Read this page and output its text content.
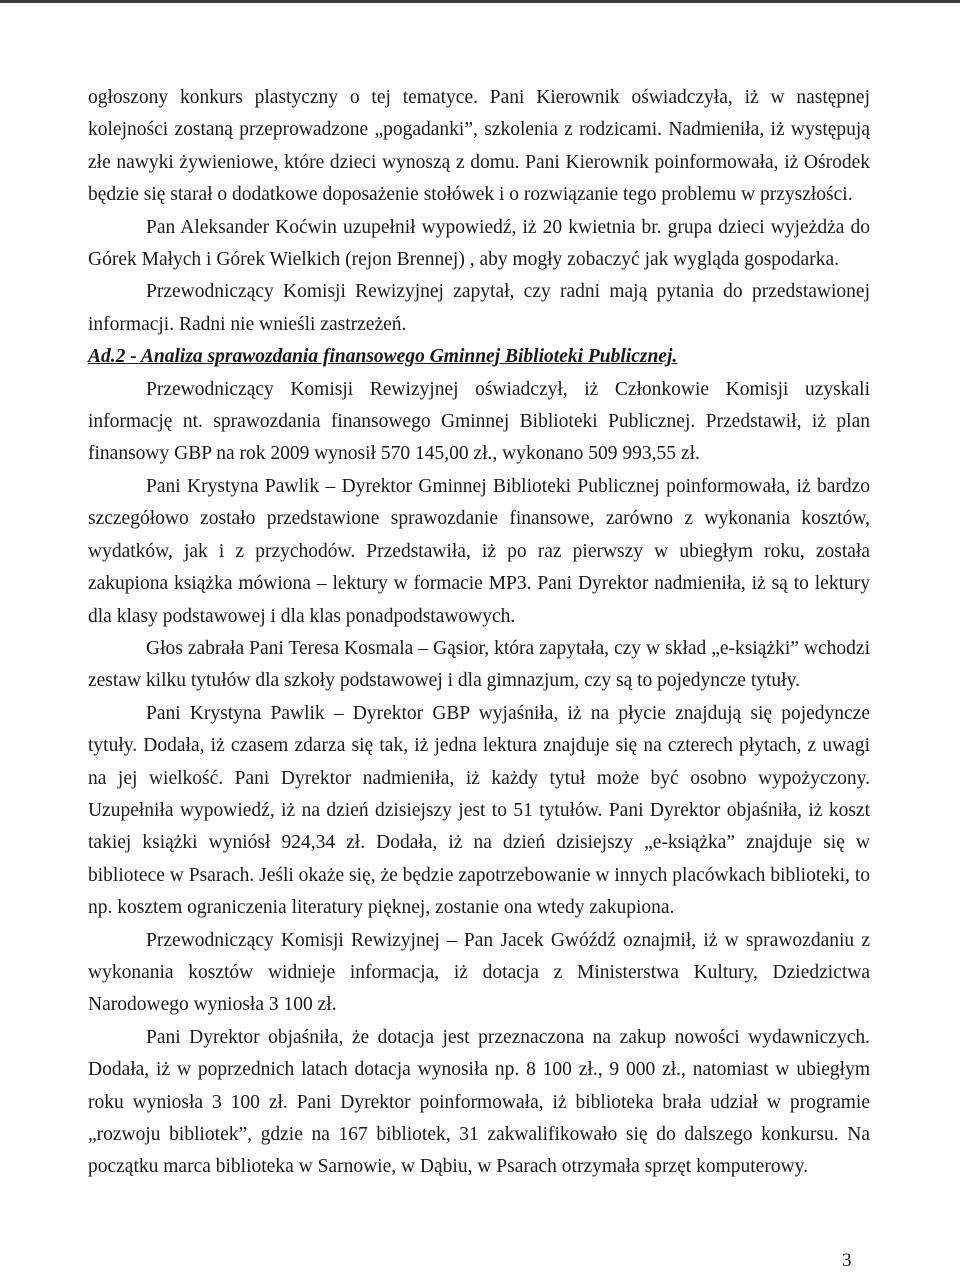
ogłoszony konkurs plastyczny o tej tematyce. Pani Kierownik oświadczyła, iż w następnej kolejności zostaną przeprowadzone „pogadanki”, szkolenia z rodzicami. Nadmieniła, iż występują złe nawyki żywieniowe, które dzieci wynoszą z domu. Pani Kierownik poinformowała, iż Ośrodek będzie się starał o dodatkowe doposażenie stołówek i o rozwiązanie tego problemu w przyszłości.

Pan Aleksander Koćwin uzupełnił wypowiedź, iż 20 kwietnia br. grupa dzieci wyjeżdża do Górek Małych i Górek Wielkich (rejon Brennej) , aby mogły zobaczyć jak wygląda gospodarka.

Przewodniczący Komisji Rewizyjnej zapytał, czy radni mają pytania do przedstawionej informacji. Radni nie wnieśli zastrzeżeń.

Ad.2 - Analiza sprawozdania finansowego Gminnej Biblioteki Publicznej.

Przewodniczący Komisji Rewizyjnej oświadczył, iż Członkowie Komisji uzyskali informację nt. sprawozdania finansowego Gminnej Biblioteki Publicznej. Przedstawił, iż plan finansowy GBP na rok 2009 wynosił 570 145,00 zł., wykonano 509 993,55 zł.

Pani Krystyna Pawlik – Dyrektor Gminnej Biblioteki Publicznej poinformowała, iż bardzo szczegółowo zostało przedstawione sprawozdanie finansowe, zarówno z wykonania kosztów, wydatków, jak i z przychodów. Przedstawiła, iż po raz pierwszy w ubiegłym roku, została zakupiona książka mówiona – lektury w formacie MP3. Pani Dyrektor nadmieniła, iż są to lektury dla klasy podstawowej i dla klas ponadpodstawowych.

Głos zabrała Pani Teresa Kosmala – Gąsior, która zapytała, czy w skład „e-książki” wchodzi zestaw kilku tytułów dla szkoły podstawowej i dla gimnazjum, czy są to pojedyncze tytuły.

Pani Krystyna Pawlik – Dyrektor GBP wyjaśniła, iż na płycie znajdują się pojedyncze tytuły. Dodała, iż czasem zdarza się tak, iż jedna lektura znajduje się na czterech płytach, z uwagi na jej wielkość. Pani Dyrektor nadmieniła, iż każdy tytuł może być osobno wypożyczony. Uzupełniła wypowiedź, iż na dzień dzisiejszy jest to 51 tytułów. Pani Dyrektor objaśniła, iż koszt takiej książki wyniósł 924,34 zł. Dodała, iż na dzień dzisiejszy „e-książka” znajduje się w bibliotece w Psarach. Jeśli okaże się, że będzie zapotrzebowanie w innych placówkach biblioteki, to np. kosztem ograniczenia literatury pięknej, zostanie ona wtedy zakupiona.

Przewodniczący Komisji Rewizyjnej – Pan Jacek Gwóźdź oznajmił, iż w sprawozdaniu z wykonania kosztów widnieje informacja, iż dotacja z Ministerstwa Kultury, Dziedzictwa Narodowego wyniosła 3 100 zł.

Pani Dyrektor objaśniła, że dotacja jest przeznaczona na zakup nowości wydawniczych. Dodała, iż w poprzednich latach dotacja wynosiła np. 8 100 zł., 9 000 zł., natomiast w ubiegłym roku wyniosła 3 100 zł. Pani Dyrektor poinformowała, iż biblioteka brała udział w programie „rozwoju bibliotek”, gdzie na 167 bibliotek, 31 zakwalifikowało się do dalszego konkursu. Na początku marca biblioteka w Sarnowie, w Dąbiu, w Psarach otrzymała sprzęt komputerowy.

3
